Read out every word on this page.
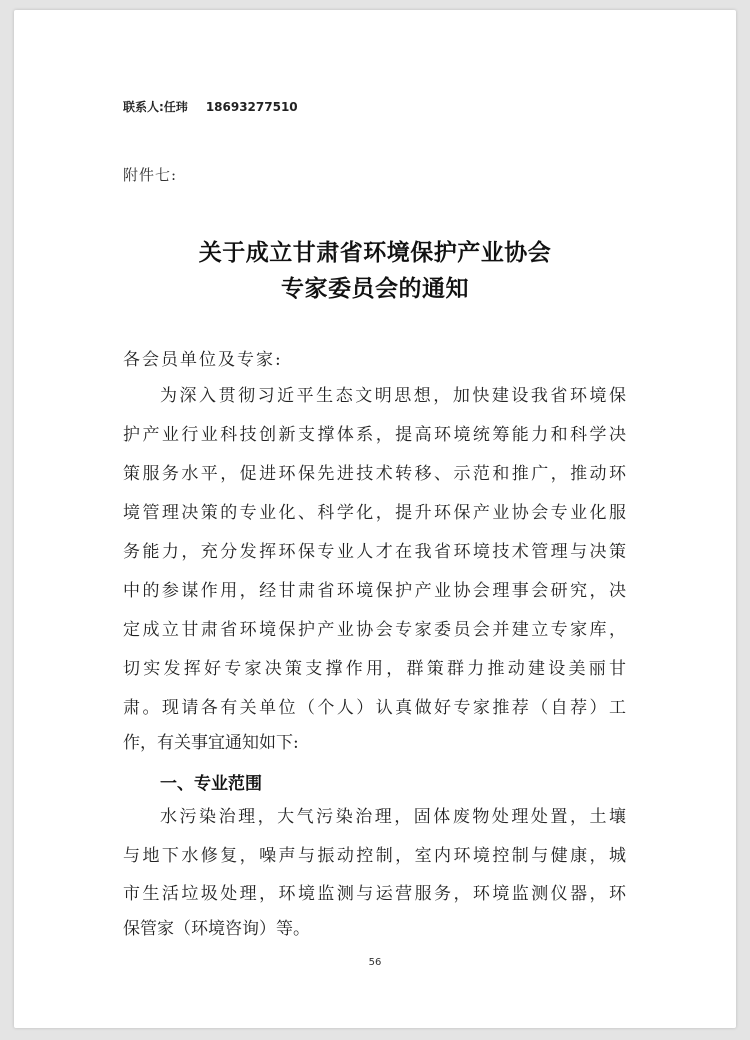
联系人:任玮 18693277510
附件七:
关于成立甘肃省环境保护产业协会
专家委员会的通知
各会员单位及专家:
为深入贯彻习近平生态文明思想，加快建设我省环境保
护产业行业科技创新支撑体系，提高环境统筹能力和科学决
策服务水平，促进环保先进技术转移、示范和推广，推动环
境管理决策的专业化、科学化，提升环保产业协会专业化服
务能力，充分发挥环保专业人才在我省环境技术管理与决策
中的参谋作用，经甘肃省环境保护产业协会理事会研究，决
定成立甘肃省环境保护产业协会专家委员会并建立专家库，
切实发挥好专家决策支撑作用，群策群力推动建设美丽甘
肃。现请各有关单位（个人）认真做好专家推荐（自荐）工
作，有关事宜通知如下:
一、专业范围
水污染治理，大气污染治理，固体废物处理处置，土壤
与地下水修复，噪声与振动控制，室内环境控制与健康，城
市生活垃圾处理，环境监测与运营服务，环境监测仪器，环
保管家（环境咨询）等。
56
